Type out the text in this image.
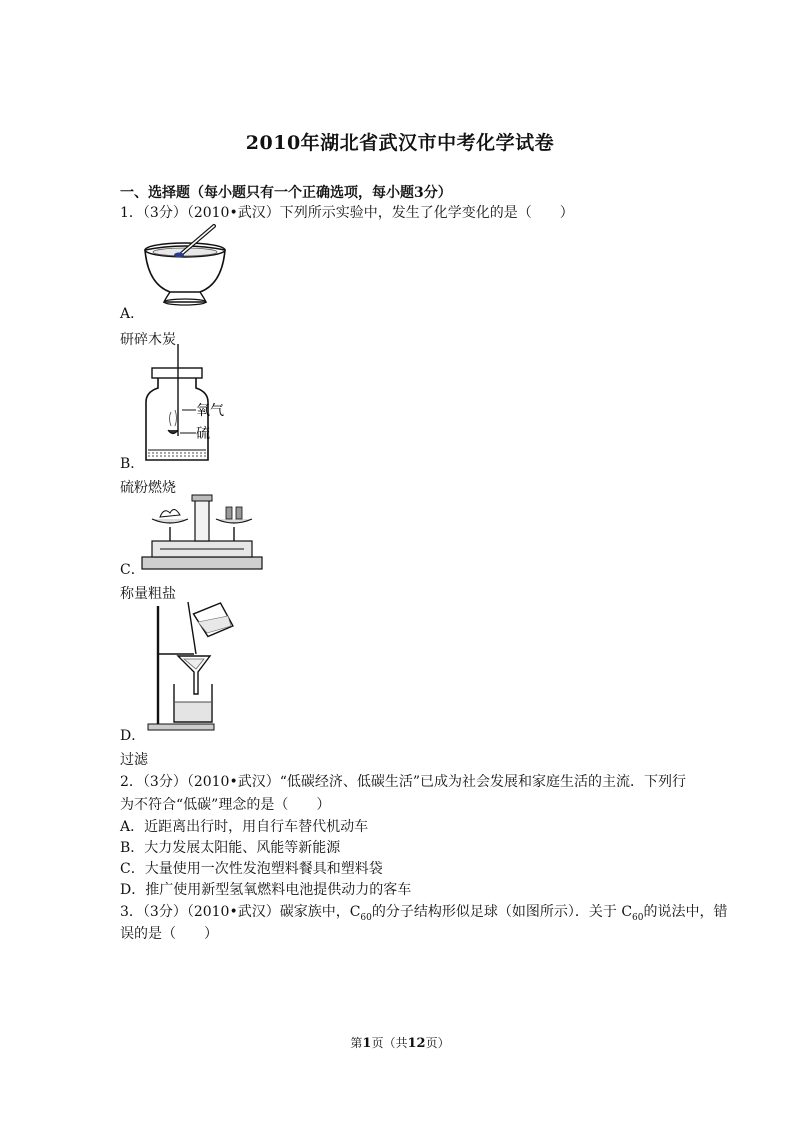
2010年湖北省武汉市中考化学试卷
一、选择题（每小题只有一个正确选项，每小题3分）
1．（3分）（2010•武汉）下列所示实验中，发生了化学变化的是（　　）
A．
研碎木炭
氧气
硫
B．
硫粉燃烧
C．
称量粗盐
D．
过滤
2．（3分）（2010•武汉）“低碳经济、低碳生活”已成为社会发展和家庭生活的主流．下列行
为不符合“低碳”理念的是（　　）
A．近距离出行时，用自行车替代机动车
B．大力发展太阳能、风能等新能源
C．大量使用一次性发泡塑料餐具和塑料袋
D．推广使用新型氢氧燃料电池提供动力的客车
3．（3分）（2010•武汉）碳家族中，$C_{60}$的分子结构形似足球（如图所示）．关于 $C_{60}$的说法中，错
误的是（　　）
第1页（共12页）
